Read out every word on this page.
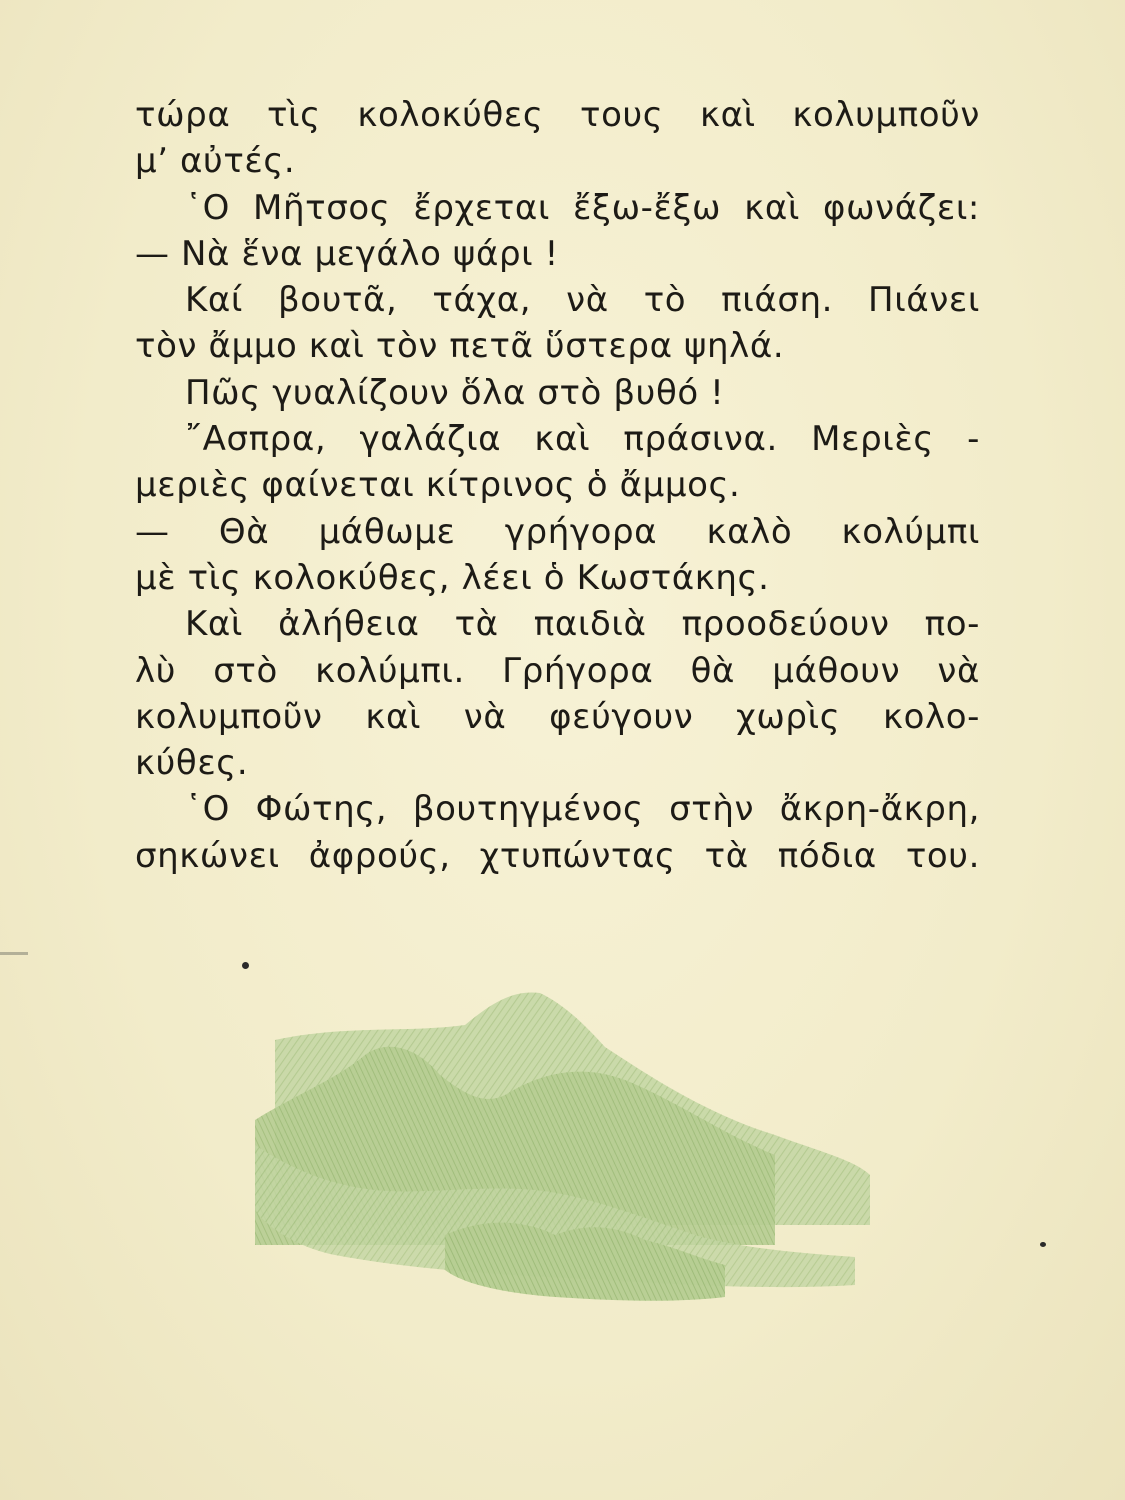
τώρα τὶς κολοκύθες τους καὶ κολυμποῦν
μ’ αὐτές.
῾Ο Μῆτσος ἔρχεται ἔξω-ἔξω καὶ φωνάζει:
— Νὰ ἕνα μεγάλο ψάρι !
Καί βουτᾶ, τάχα, νὰ τὸ πιάση. Πιάνει
τὸν ἄμμο καὶ τὸν πετᾶ ὕστερα ψηλά.
Πῶς γυαλίζουν ὅλα στὸ βυθό !
῎Ασπρα, γαλάζια καὶ πράσινα. Μεριὲς -
μεριὲς φαίνεται κίτρινος ὁ ἄμμος.
— Θὰ μάθωμε γρήγορα καλὸ κολύμπι
μὲ τὶς κολοκύθες, λέει ὁ Κωστάκης.
Καὶ ἀλήθεια τὰ παιδιὰ προοδεύουν πο-
λὺ στὸ κολύμπι. Γρήγορα θὰ μάθουν νὰ
κολυμποῦν καὶ νὰ φεύγουν χωρὶς κολο-
κύθες.
῾Ο Φώτης, βουτηγμένος στὴν ἄκρη-ἄκρη,
σηκώνει ἀφρούς, χτυπώντας τὰ πόδια του.
